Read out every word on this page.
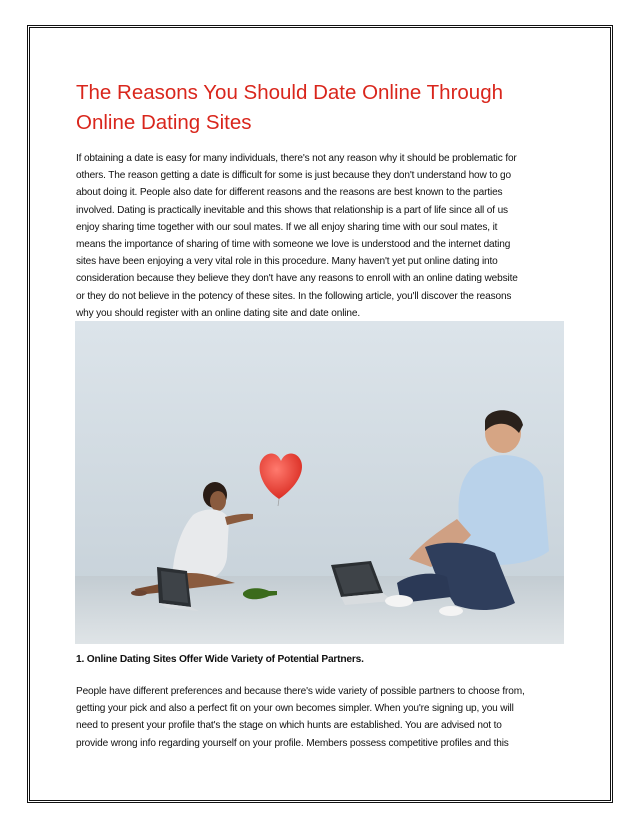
The Reasons You Should Date Online Through
Online Dating Sites

If obtaining a date is easy for many individuals, there's not any reason why it should be problematic for
others. The reason getting a date is difficult for some is just because they don't understand how to go
about doing it. People also date for different reasons and the reasons are best known to the parties
involved. Dating is practically inevitable and this shows that relationship is a part of life since all of us
enjoy sharing time together with our soul mates. If we all enjoy sharing time with our soul mates, it
means the importance of sharing of time with someone we love is understood and the internet dating
sites have been enjoying a very vital role in this procedure. Many haven't yet put online dating into
consideration because they believe they don't have any reasons to enroll with an online dating website
or they do not believe in the potency of these sites. In the following article, you'll discover the reasons
why you should register with an online dating site and date online.

1. Online Dating Sites Offer Wide Variety of Potential Partners.

People have different preferences and because there's wide variety of possible partners to choose from,
getting your pick and also a perfect fit on your own becomes simpler. When you're signing up, you will
need to present your profile that's the stage on which hunts are established. You are advised not to
provide wrong info regarding yourself on your profile. Members possess competitive profiles and this
